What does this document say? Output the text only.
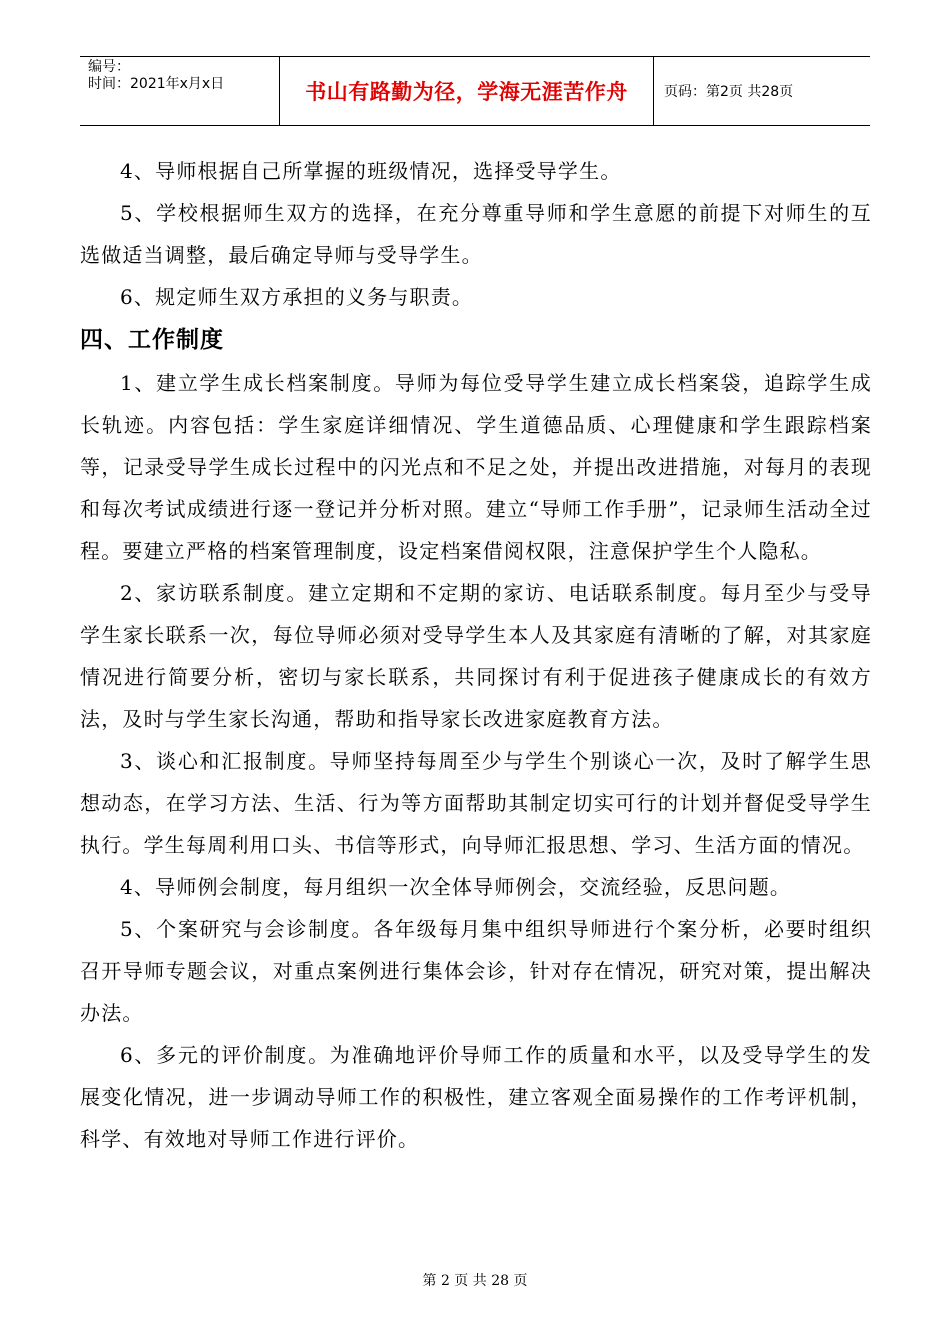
编号：
时间：2021年x月x日	书山有路勤为径，学海无涯苦作舟	页码：第2页 共28页

4、导师根据自己所掌握的班级情况，选择受导学生。

5、学校根据师生双方的选择，在充分尊重导师和学生意愿的前提下对师生的互选做适当调整，最后确定导师与受导学生。

6、规定师生双方承担的义务与职责。

四、工作制度

1、建立学生成长档案制度。导师为每位受导学生建立成长档案袋，追踪学生成长轨迹。内容包括：学生家庭详细情况、学生道德品质、心理健康和学生跟踪档案等，记录受导学生成长过程中的闪光点和不足之处，并提出改进措施，对每月的表现和每次考试成绩进行逐一登记并分析对照。建立“导师工作手册”，记录师生活动全过程。要建立严格的档案管理制度，设定档案借阅权限，注意保护学生个人隐私。

2、家访联系制度。建立定期和不定期的家访、电话联系制度。每月至少与受导学生家长联系一次，每位导师必须对受导学生本人及其家庭有清晰的了解，对其家庭情况进行简要分析，密切与家长联系，共同探讨有利于促进孩子健康成长的有效方法，及时与学生家长沟通，帮助和指导家长改进家庭教育方法。

3、谈心和汇报制度。导师坚持每周至少与学生个别谈心一次，及时了解学生思想动态，在学习方法、生活、行为等方面帮助其制定切实可行的计划并督促受导学生执行。学生每周利用口头、书信等形式，向导师汇报思想、学习、生活方面的情况。

4、导师例会制度，每月组织一次全体导师例会，交流经验，反思问题。

5、个案研究与会诊制度。各年级每月集中组织导师进行个案分析，必要时组织召开导师专题会议，对重点案例进行集体会诊，针对存在情况，研究对策，提出解决办法。

6、多元的评价制度。为准确地评价导师工作的质量和水平，以及受导学生的发展变化情况，进一步调动导师工作的积极性，建立客观全面易操作的工作考评机制，科学、有效地对导师工作进行评价。

第 2 页 共 28 页
